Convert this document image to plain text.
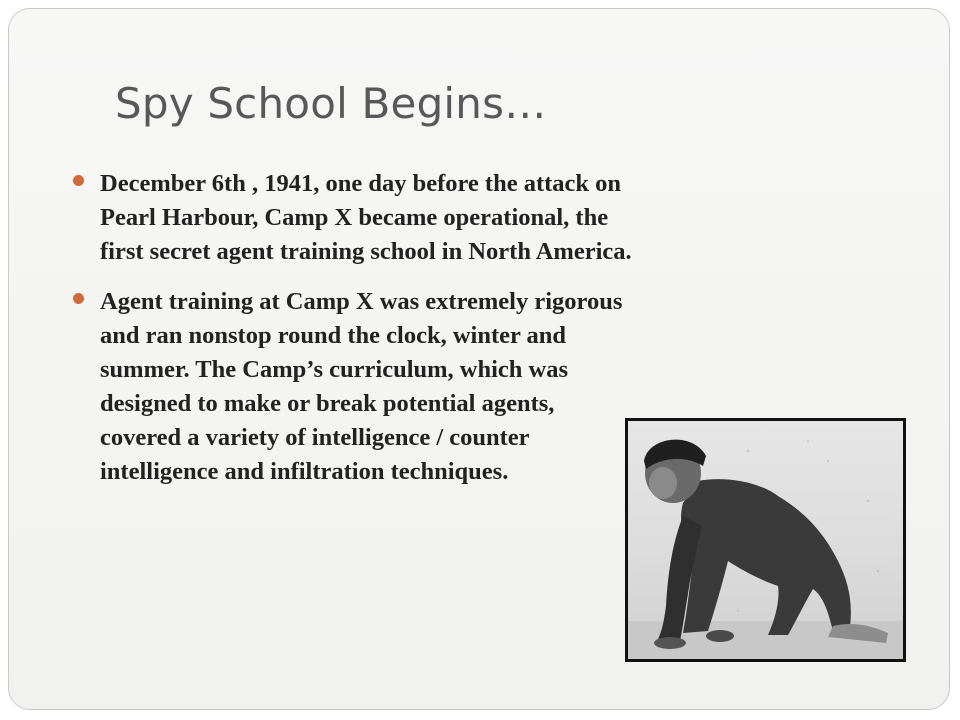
Spy School Begins…
December 6th , 1941, one day before the attack on Pearl Harbour, Camp X became operational, the first secret agent training school in North America.
Agent training at Camp X was extremely rigorous and ran nonstop round the clock, winter and summer. The Camp’s curriculum, which was designed to make or break potential agents, covered a variety of intelligence / counter intelligence and infiltration techniques.
